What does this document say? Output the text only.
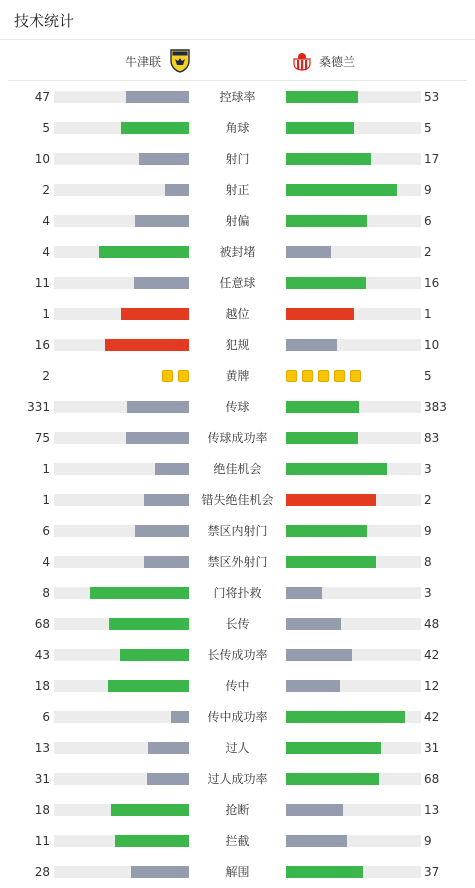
技术统计
牛津联	桑德兰
47	控球率	53
5	角球	5
10	射门	17
2	射正	9
4	射偏	6
4	被封堵	2
11	任意球	16
1	越位	1
16	犯规	10
2	黄牌	5
331	传球	383
75	传球成功率	83
1	绝佳机会	3
1	错失绝佳机会	2
6	禁区内射门	9
4	禁区外射门	8
8	门将扑救	3
68	长传	48
43	长传成功率	42
18	传中	12
6	传中成功率	42
13	过人	31
31	过人成功率	68
18	抢断	13
11	拦截	9
28	解围	37
